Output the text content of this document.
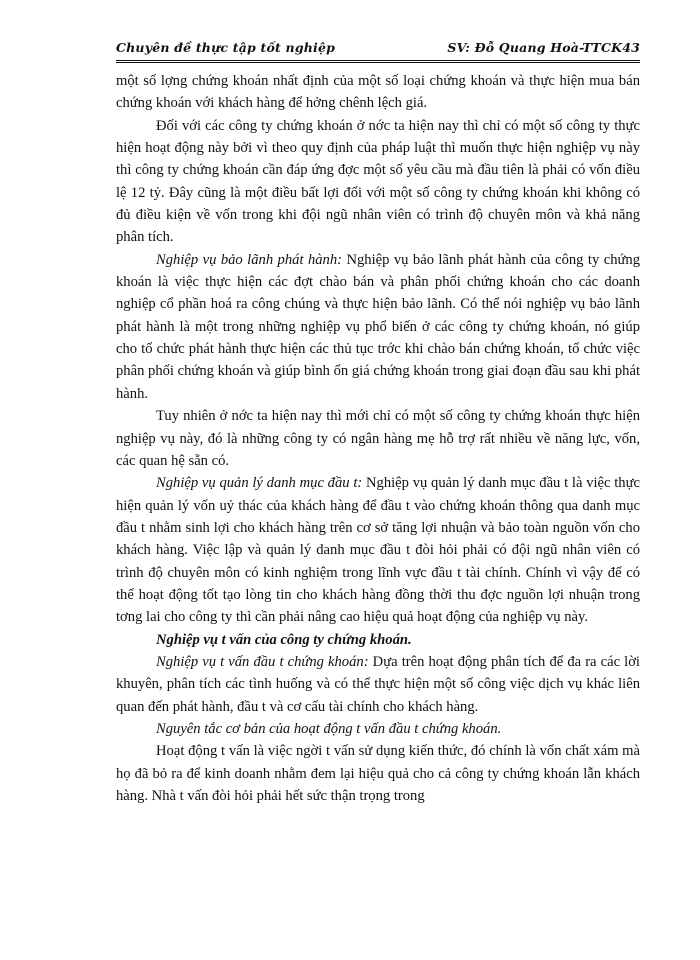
Chuyên đề thực tập tốt nghiệp	SV: Đỗ Quang Hoà-TTCK43

một số lợng chứng khoán nhất định của một số loại chứng khoán và thực hiện mua bán chứng khoán với khách hàng để hởng chênh lệch giá.

Đối với các công ty chứng khoán ở nớc ta hiện nay thì chỉ có một số công ty thực hiện hoạt động này bởi vì theo quy định của pháp luật thì muốn thực hiện nghiệp vụ này thì công ty chứng khoán cần đáp ứng đợc một số yêu cầu mà đầu tiên là phải có vốn điều lệ 12 tỷ. Đây cũng là một điều bất lợi đối với một số công ty chứng khoán khi không có đủ điều kiện về vốn trong khi đội ngũ nhân viên có trình độ chuyên môn và khả năng phân tích.

Nghiệp vụ bảo lãnh phát hành: Nghiệp vụ bảo lãnh phát hành của công ty chứng khoán là việc thực hiện các đợt chào bán và phân phối chứng khoán cho các doanh nghiệp cổ phần hoá ra công chúng và thực hiện bảo lãnh. Có thể nói nghiệp vụ bảo lãnh phát hành là một trong những nghiệp vụ phổ biến ở các công ty chứng khoán, nó giúp cho tổ chức phát hành thực hiện các thủ tục trớc khi chào bán chứng khoán, tổ chức việc phân phối chứng khoán và giúp bình ổn giá chứng khoán trong giai đoạn đầu sau khi phát hành.

Tuy nhiên ở nớc ta hiện nay thì mới chỉ có một số công ty chứng khoán thực hiện nghiệp vụ này, đó là những công ty có ngân hàng mẹ hỗ trợ rất nhiều về năng lực, vốn, các quan hệ sẵn có.

Nghiệp vụ quản lý danh mục đầu t: Nghiệp vụ quản lý danh mục đầu t là việc thực hiện quản lý vốn uỷ thác của khách hàng để đầu t vào chứng khoán thông qua danh mục đầu t nhằm sinh lợi cho khách hàng trên cơ sở tăng lợi nhuận và bảo toàn nguồn vốn cho khách hàng. Việc lập và quản lý danh mục đầu t đòi hỏi phải có đội ngũ nhân viên có trình độ chuyên môn có kinh nghiệm trong lĩnh vực đầu t tài chính. Chính vì vậy để có thể hoạt động tốt tạo lòng tin cho khách hàng đồng thời thu đợc nguồn lợi nhuận trong tơng lai cho công ty thì cần phải nâng cao hiệu quả hoạt động của nghiệp vụ này.

Nghiệp vụ t vấn của công ty chứng khoán.

Nghiệp vụ t vấn đầu t chứng khoán: Dựa trên hoạt động phân tích để đa ra các lời khuyên, phân tích các tình huống và có thể thực hiện một số công việc dịch vụ khác liên quan đến phát hành, đầu t và cơ cấu tài chính cho khách hàng.

Nguyên tắc cơ bản của hoạt động t vấn đầu t chứng khoán.

Hoạt động t vấn là việc ngời t vấn sử dụng kiến thức, đó chính là vốn chất xám mà họ đã bỏ ra để kinh doanh nhằm đem lại hiệu quả cho cả công ty chứng khoán lẫn khách hàng. Nhà t vấn đòi hỏi phải hết sức thận trọng trong
